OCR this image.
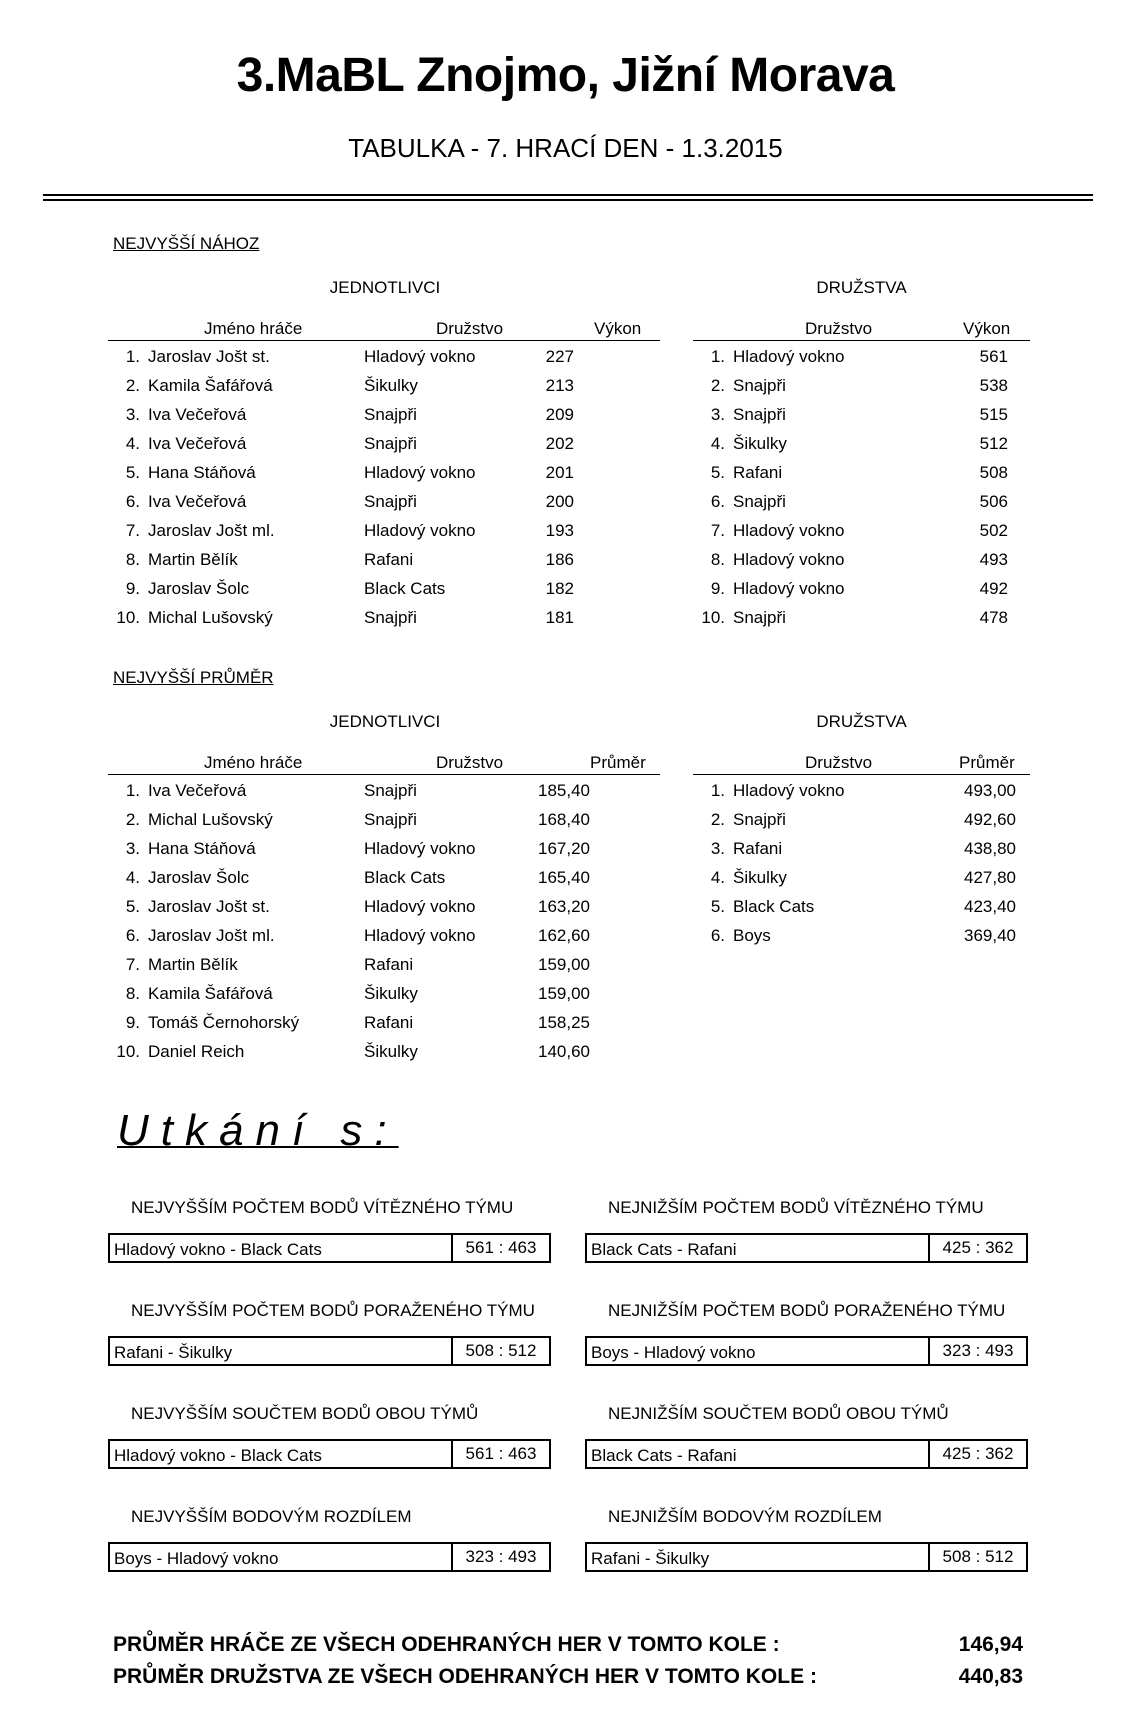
3.MaBL Znojmo, Jižní Morava
TABULKA - 7. HRACÍ DEN - 1.3.2015
NEJVYŠŠÍ NÁHOZ
JEDNOTLIVCI	DRUŽSTVA
Jméno hráče	Družstvo	Výkon
1. Jaroslav Jošt st.	Hladový vokno	227
2. Kamila Šafářová	Šikulky	213
3. Iva Večeřová	Snajpři	209
4. Iva Večeřová	Snajpři	202
5. Hana Stáňová	Hladový vokno	201
6. Iva Večeřová	Snajpři	200
7. Jaroslav Jošt ml.	Hladový vokno	193
8. Martin Bělík	Rafani	186
9. Jaroslav Šolc	Black Cats	182
10. Michal Lušovský	Snajpři	181
Družstvo	Výkon
1. Hladový vokno	561
2. Snajpři	538
3. Snajpři	515
4. Šikulky	512
5. Rafani	508
6. Snajpři	506
7. Hladový vokno	502
8. Hladový vokno	493
9. Hladový vokno	492
10. Snajpři	478
NEJVYŠŠÍ PRŮMĚR
JEDNOTLIVCI	DRUŽSTVA
Jméno hráče	Družstvo	Průměr
1. Iva Večeřová	Snajpři	185,40
2. Michal Lušovský	Snajpři	168,40
3. Hana Stáňová	Hladový vokno	167,20
4. Jaroslav Šolc	Black Cats	165,40
5. Jaroslav Jošt st.	Hladový vokno	163,20
6. Jaroslav Jošt ml.	Hladový vokno	162,60
7. Martin Bělík	Rafani	159,00
8. Kamila Šafářová	Šikulky	159,00
9. Tomáš Černohorský	Rafani	158,25
10. Daniel Reich	Šikulky	140,60
Družstvo	Průměr
1. Hladový vokno	493,00
2. Snajpři	492,60
3. Rafani	438,80
4. Šikulky	427,80
5. Black Cats	423,40
6. Boys	369,40
Utkání s:
NEJVYŠŠÍM POČTEM BODŮ VÍTĚZNÉHO TÝMU
Hladový vokno - Black Cats	561 : 463
NEJNIŽŠÍM POČTEM BODŮ VÍTĚZNÉHO TÝMU
Black Cats - Rafani	425 : 362
NEJVYŠŠÍM POČTEM BODŮ PORAŽENÉHO TÝMU
Rafani - Šikulky	508 : 512
NEJNIŽŠÍM POČTEM BODŮ PORAŽENÉHO TÝMU
Boys - Hladový vokno	323 : 493
NEJVYŠŠÍM SOUČTEM BODŮ OBOU TÝMŮ
Hladový vokno - Black Cats	561 : 463
NEJNIŽŠÍM SOUČTEM BODŮ OBOU TÝMŮ
Black Cats - Rafani	425 : 362
NEJVYŠŠÍM BODOVÝM ROZDÍLEM
Boys - Hladový vokno	323 : 493
NEJNIŽŠÍM BODOVÝM ROZDÍLEM
Rafani - Šikulky	508 : 512
PRŮMĚR HRÁČE ZE VŠECH ODEHRANÝCH HER V TOMTO KOLE :	146,94
PRŮMĚR DRUŽSTVA ZE VŠECH ODEHRANÝCH HER V TOMTO KOLE :	440,83
